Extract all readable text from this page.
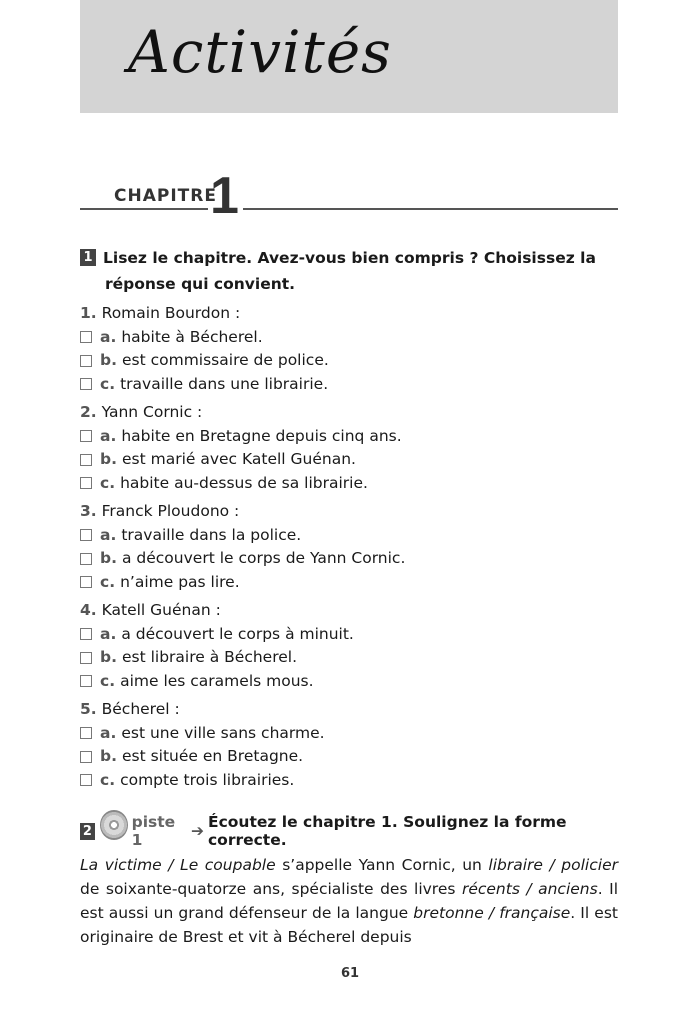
Activités
CHAPITRE
1
1 Lisez le chapitre. Avez-vous bien compris ? Choisissez la
réponse qui convient.
1. Romain Bourdon :
a. habite à Bécherel.
b. est commissaire de police.
c. travaille dans une librairie.
2. Yann Cornic :
a. habite en Bretagne depuis cinq ans.
b. est marié avec Katell Guénan.
c. habite au-dessus de sa librairie.
3. Franck Ploudono :
a. travaille dans la police.
b. a découvert le corps de Yann Cornic.
c. n’aime pas lire.
4. Katell Guénan :
a. a découvert le corps à minuit.
b. est libraire à Bécherel.
c. aime les caramels mous.
5. Bécherel :
a. est une ville sans charme.
b. est située en Bretagne.
c. compte trois librairies.
2	piste 1	➔ Écoutez le chapitre 1. Soulignez la forme correcte.
La victime / Le coupable s’appelle Yann Cornic, un libraire / policier de soixante-quatorze ans, spécialiste des livres récents / anciens. Il est aussi un grand défenseur de la langue bretonne / française. Il est originaire de Brest et vit à Bécherel depuis
61
